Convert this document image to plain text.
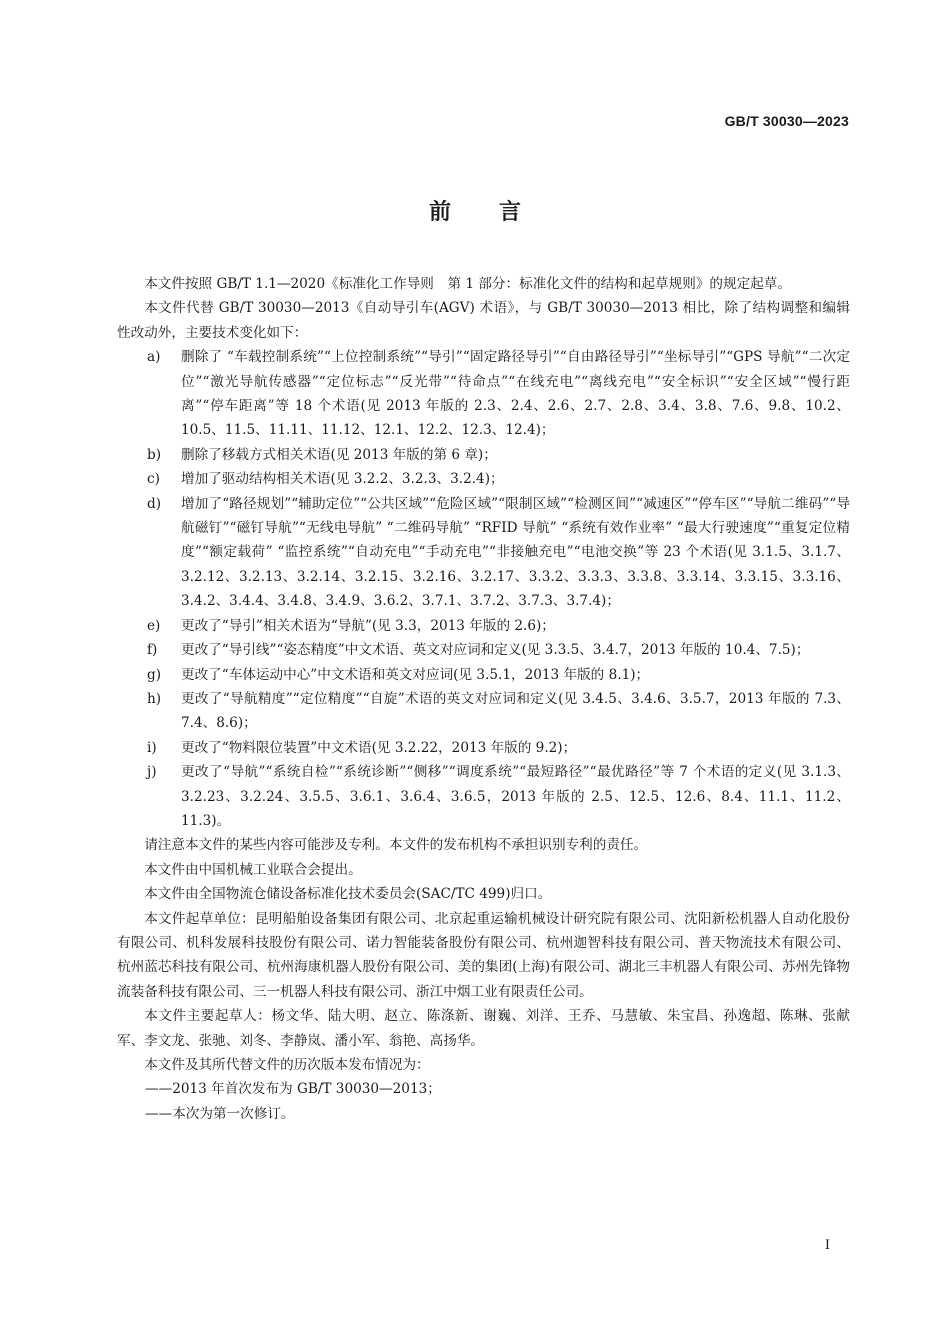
GB/T 30030—2023
前 言

本文件按照 GB/T 1.1—2020《标准化工作导则　第 1 部分：标准化文件的结构和起草规则》的规定起草。

本文件代替 GB/T 30030—2013《自动导引车(AGV) 术语》，与 GB/T 30030—2013 相比，除了结构调整和编辑性改动外，主要技术变化如下：

a)	删除了 “车载控制系统”“上位控制系统”“导引”“固定路径导引”“自由路径导引”“坐标导引”“GPS 导航”“二次定位”“激光导航传感器”“定位标志”“反光带”“待命点”“在线充电”“离线充电”“安全标识”“安全区域”“慢行距离”“停车距离”等 18 个术语(见 2013 年版的 2.3、2.4、2.6、2.7、2.8、3.4、3.8、7.6、9.8、10.2、10.5、11.5、11.11、11.12、12.1、12.2、12.3、12.4)；
b)	删除了移载方式相关术语(见 2013 年版的第 6 章)；
c)	增加了驱动结构相关术语(见 3.2.2、3.2.3、3.2.4)；
d)	增加了“路径规划”“辅助定位”“公共区域”“危险区域”“限制区域”“检测区间”“减速区”“停车区”“导航二维码”“导航磁钉”“磁钉导航”“无线电导航” “二维码导航” “RFID 导航” “系统有效作业率” “最大行驶速度”“重复定位精度”“额定载荷” “监控系统”“自动充电”“手动充电”“非接触充电”“电池交换”等 23 个术语(见 3.1.5、3.1.7、3.2.12、3.2.13、3.2.14、3.2.15、3.2.16、3.2.17、3.3.2、3.3.3、3.3.8、3.3.14、3.3.15、3.3.16、3.4.2、3.4.4、3.4.8、3.4.9、3.6.2、3.7.1、3.7.2、3.7.3、3.7.4)；
e)	更改了“导引”相关术语为“导航”(见 3.3，2013 年版的 2.6)；
f)	更改了“导引线”“姿态精度”中文术语、英文对应词和定义(见 3.3.5、3.4.7，2013 年版的 10.4、7.5)；
g)	更改了“车体运动中心”中文术语和英文对应词(见 3.5.1，2013 年版的 8.1)；
h)	更改了“导航精度”“定位精度”“自旋”术语的英文对应词和定义(见 3.4.5、3.4.6、3.5.7，2013 年版的 7.3、7.4、8.6)；
i)	更改了“物料限位装置”中文术语(见 3.2.22，2013 年版的 9.2)；
j)	更改了“导航”“系统自检”“系统诊断”“侧移”“调度系统”“最短路径”“最优路径”等 7 个术语的定义(见 3.1.3、3.2.23、3.2.24、3.5.5、3.6.1、3.6.4、3.6.5，2013 年版的 2.5、12.5、12.6、8.4、11.1、11.2、11.3)。

请注意本文件的某些内容可能涉及专利。本文件的发布机构不承担识别专利的责任。

本文件由中国机械工业联合会提出。

本文件由全国物流仓储设备标准化技术委员会(SAC/TC 499)归口。

本文件起草单位：昆明船舶设备集团有限公司、北京起重运输机械设计研究院有限公司、沈阳新松机器人自动化股份有限公司、机科发展科技股份有限公司、诺力智能装备股份有限公司、杭州迦智科技有限公司、普天物流技术有限公司、杭州蓝芯科技有限公司、杭州海康机器人股份有限公司、美的集团(上海)有限公司、湖北三丰机器人有限公司、苏州先锋物流装备科技有限公司、三一机器人科技有限公司、浙江中烟工业有限责任公司。

本文件主要起草人：杨文华、陆大明、赵立、陈涤新、谢巍、刘洋、王乔、马慧敏、朱宝昌、孙逸超、陈琳、张献军、李文龙、张驰、刘冬、李静岚、潘小军、翁艳、高扬华。

本文件及其所代替文件的历次版本发布情况为：

——2013 年首次发布为 GB/T 30030—2013；
——本次为第一次修订。
I
